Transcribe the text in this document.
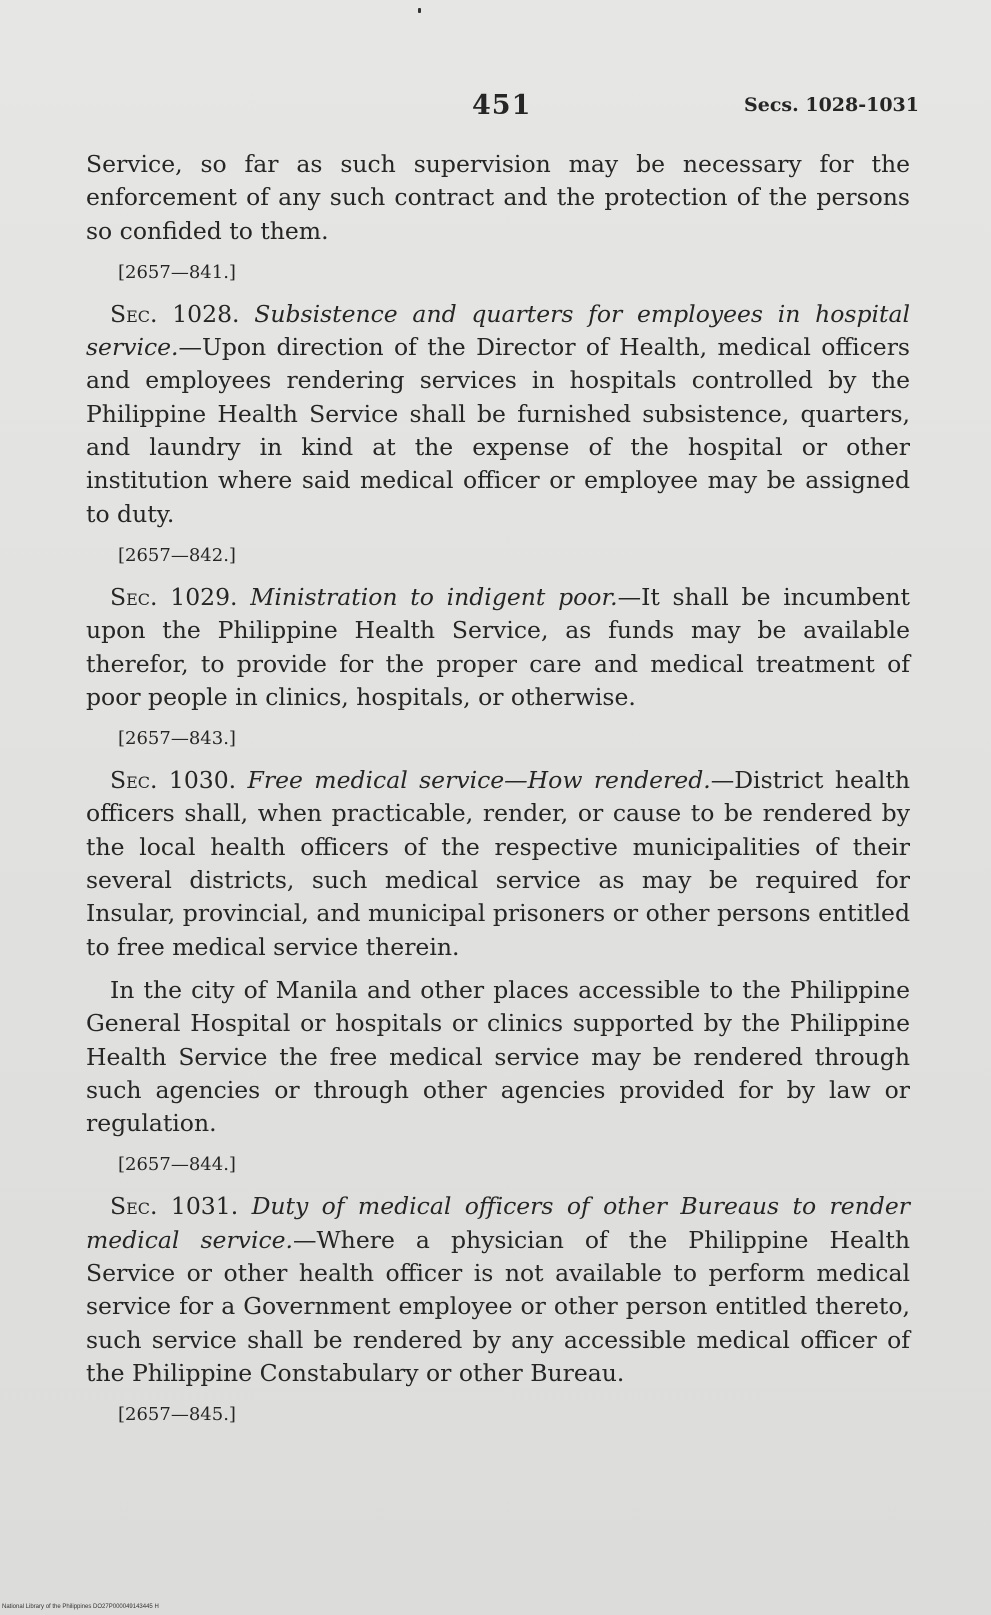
451	Secs. 1028-1031

Service, so far as such supervision may be necessary for the enforcement of any such contract and the protection of the persons so confided to them.

[2657—841.]

Sec. 1028. Subsistence and quarters for employees in hospital service.—Upon direction of the Director of Health, medical officers and employees rendering services in hospitals controlled by the Philippine Health Service shall be furnished subsistence, quarters, and laundry in kind at the expense of the hospital or other institution where said medical officer or employee may be assigned to duty.

[2657—842.]

Sec. 1029. Ministration to indigent poor.—It shall be incumbent upon the Philippine Health Service, as funds may be available therefor, to provide for the proper care and medical treatment of poor people in clinics, hospitals, or otherwise.

[2657—843.]

Sec. 1030. Free medical service—How rendered.—District health officers shall, when practicable, render, or cause to be rendered by the local health officers of the respective municipalities of their several districts, such medical service as may be required for Insular, provincial, and municipal prisoners or other persons entitled to free medical service therein.

In the city of Manila and other places accessible to the Philippine General Hospital or hospitals or clinics supported by the Philippine Health Service the free medical service may be rendered through such agencies or through other agencies provided for by law or regulation.

[2657—844.]

Sec. 1031. Duty of medical officers of other Bureaus to render medical service.—Where a physician of the Philippine Health Service or other health officer is not available to perform medical service for a Government employee or other person entitled thereto, such service shall be rendered by any accessible medical officer of the Philippine Constabulary or other Bureau.

[2657—845.]
National Library of the Philippines DO27P000049143445 H
